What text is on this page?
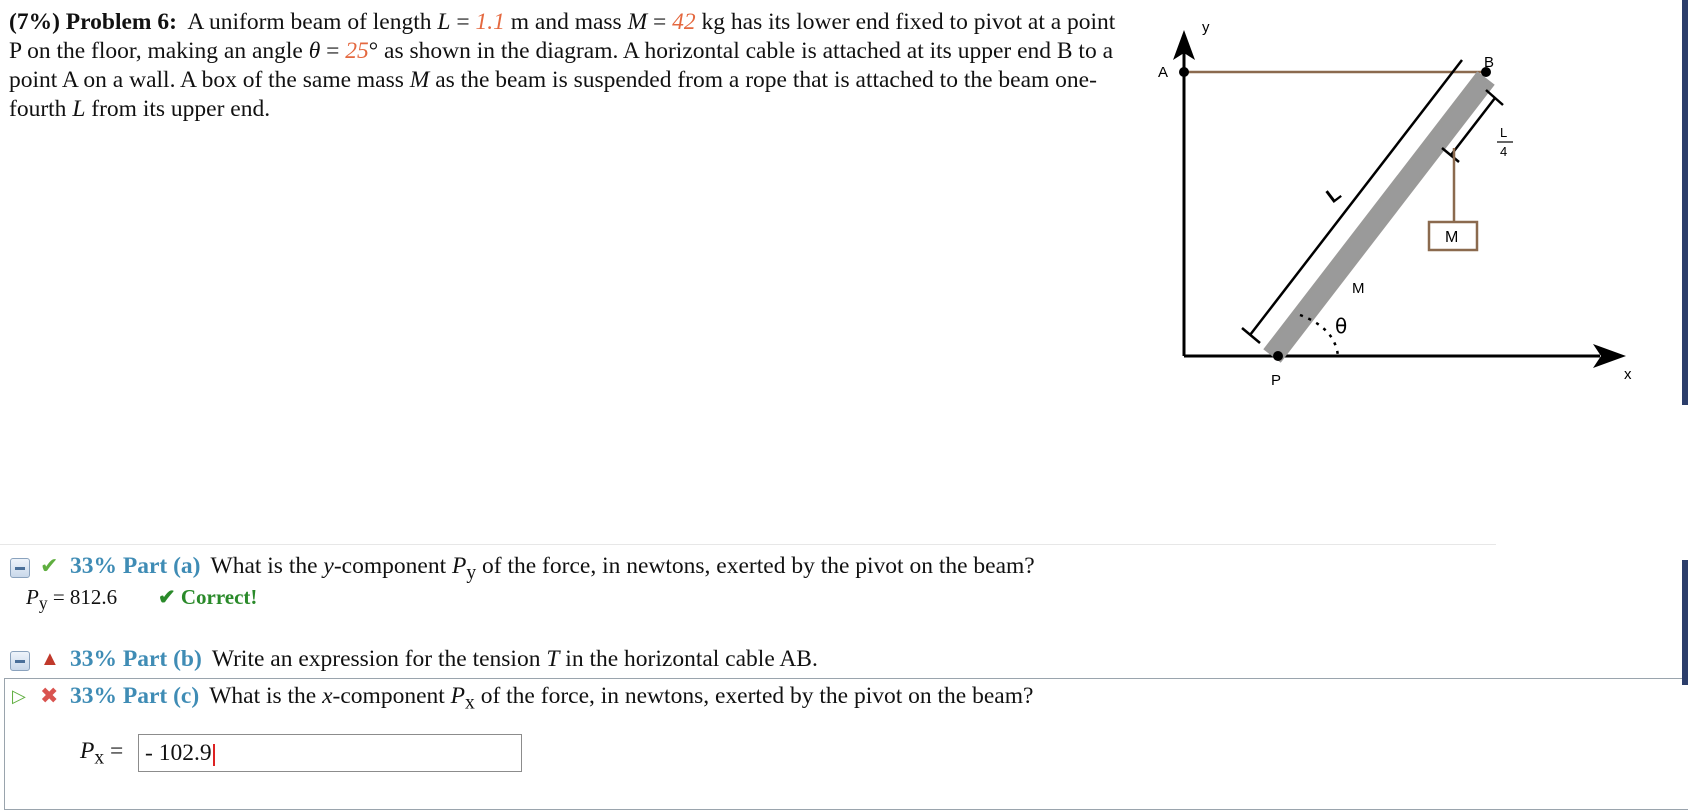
(7%) Problem 6: A uniform beam of length L = 1.1 m and mass M = 42 kg has its lower end fixed to pivot at a point P on the floor, making an angle θ = 25° as shown in the diagram. A horizontal cable is attached at its upper end B to a point A on a wall. A box of the same mass M as the beam is suspended from a rope that is attached to the beam one-fourth L from its upper end.
y
x
A
B
P
L
L
4
M
M
θ
✔ 33% Part (a) What is the y-component $P_y$ of the force, in newtons, exerted by the pivot on the beam?
$P_y = 812.6$ ✔ Correct!
▲ 33% Part (b) Write an expression for the tension T in the horizontal cable AB.
▷ ✖ 33% Part (c) What is the x-component $P_x$ of the force, in newtons, exerted by the pivot on the beam?
$P_x$ = - 102.9
